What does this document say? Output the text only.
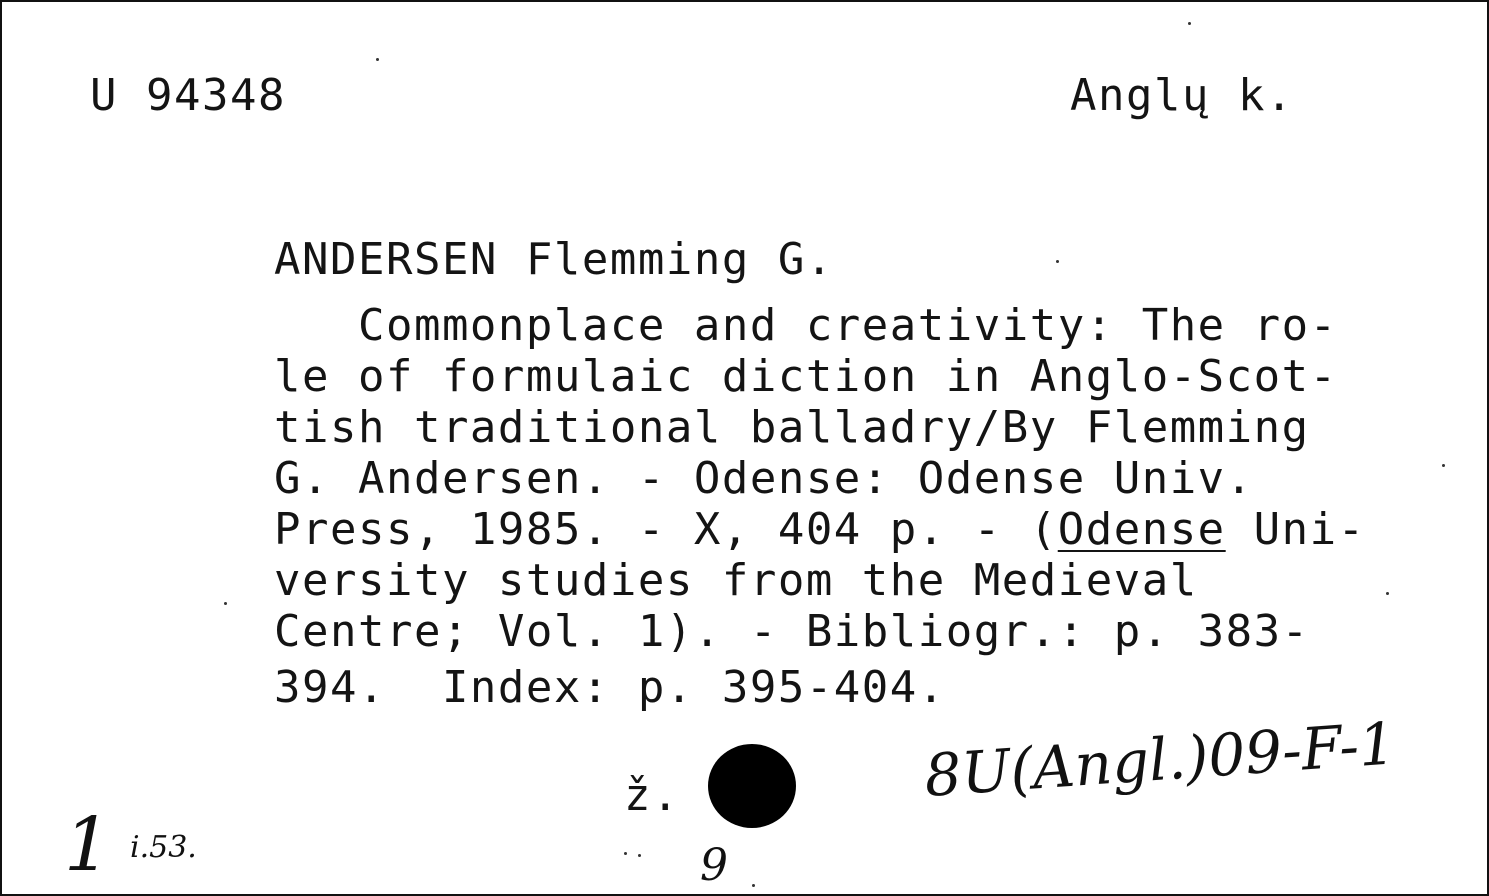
U 94348	Anglų k.
ANDERSEN Flemming G.
Commonplace and creativity: The ro-
le of formulaic diction in Anglo-Scot-
tish traditional balladry/By Flemming
G. Andersen. - Odense: Odense Univ.
Press, 1985. - X, 404 p. - (Odense Uni-
versity studies from the Medieval
Centre; Vol. 1). - Bibliogr.: p. 383-
394.  Index: p. 395-404.
ž.	8U(Angl.)09-F-1
1 i.53.	9
